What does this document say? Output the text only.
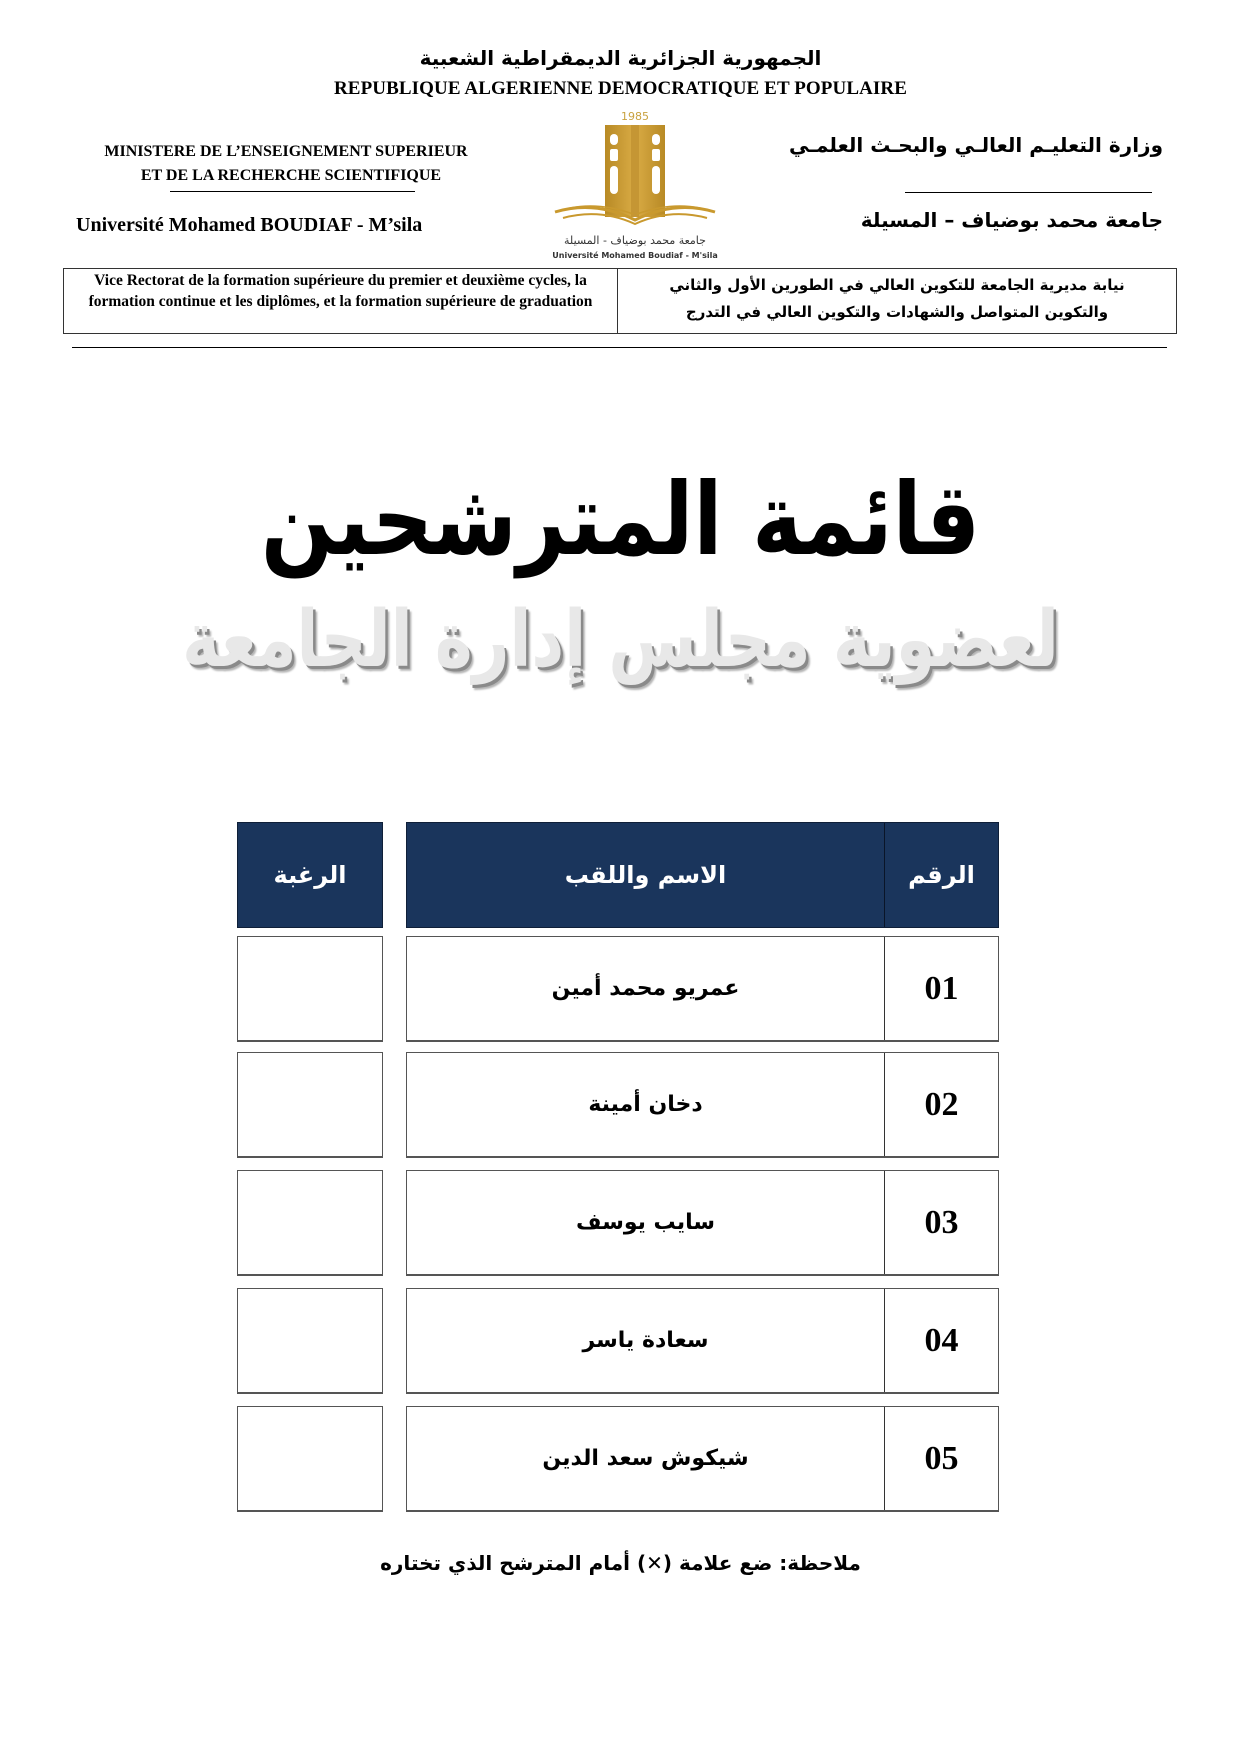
الجمهورية الجزائرية الديمقراطية الشعبية
REPUBLIQUE ALGERIENNE DEMOCRATIQUE ET POPULAIRE
MINISTERE DE L’ENSEIGNEMENT SUPERIEUR
ET DE LA RECHERCHE SCIENTIFIQUE
Université Mohamed BOUDIAF - M’sila
وزارة التعليـم العالـي والبحـث العلمـي
جامعة محمد بوضياف – المسيلة
1985
جامعة محمد بوضياف - المسيلة
Université Mohamed Boudiaf - M'sila
Vice Rectorat de la formation supérieure du premier et deuxième cycles, la formation continue et les diplômes, et la formation supérieure de graduation
نيابة مديرية الجامعة للتكوين العالي في الطورين الأول والثاني
والتكوين المتواصل والشهادات والتكوين العالي في التدرج
قائمة المترشحين
لعضوية مجلس إدارة الجامعة
الرغبة	الاسم واللقب	الرقم
عمريو محمد أمين	01
دخان أمينة	02
سايب يوسف	03
سعادة ياسر	04
شيكوش سعد الدين	05
ملاحظة: ضع علامة (✕) أمام المترشح الذي تختاره
